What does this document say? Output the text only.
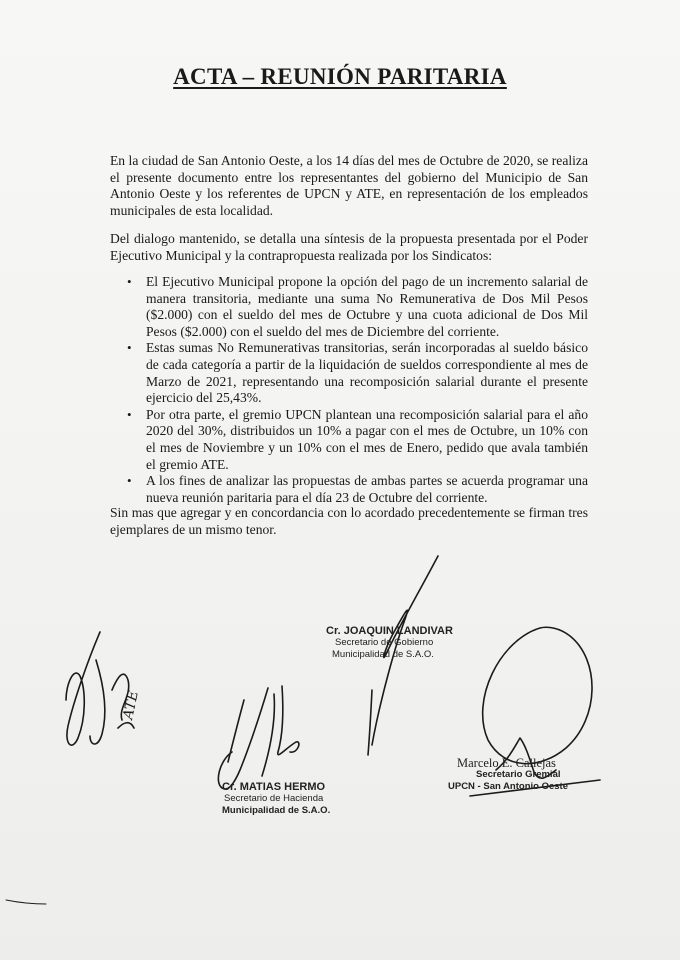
ACTA – REUNIÓN PARITARIA
En la ciudad de San Antonio Oeste, a los 14 días del mes de Octubre de 2020, se realiza el presente documento entre los representantes del gobierno del Municipio de San Antonio Oeste y los referentes de UPCN y ATE, en representación de los empleados municipales de esta localidad.
Del dialogo mantenido, se detalla una síntesis de la propuesta presentada por el Poder Ejecutivo Municipal y la contrapropuesta realizada por los Sindicatos:
• El Ejecutivo Municipal propone la opción del pago de un incremento salarial de manera transitoria, mediante una suma No Remunerativa de Dos Mil Pesos ($2.000) con el sueldo del mes de Octubre y una cuota adicional de Dos Mil Pesos ($2.000) con el sueldo del mes de Diciembre del corriente.
• Estas sumas No Remunerativas transitorias, serán incorporadas al sueldo básico de cada categoría a partir de la liquidación de sueldos correspondiente al mes de Marzo de 2021, representando una recomposición salarial durante el presente ejercicio del 25,43%.
• Por otra parte, el gremio UPCN plantean una recomposición salarial para el año 2020 del 30%, distribuidos un 10% a pagar con el mes de Octubre, un 10% con el mes de Noviembre y un 10% con el mes de Enero, pedido que avala también el gremio ATE.
• A los fines de analizar las propuestas de ambas partes se acuerda programar una nueva reunión paritaria para el día 23 de Octubre del corriente.
Sin mas que agregar y en concordancia con lo acordado precedentemente se firman tres ejemplares de un mismo tenor.
ATE
Cr. JOAQUIN LANDIVAR
Secretario de Gobierno
Municipalidad de S.A.O.
Cr. MATIAS HERMO
Secretario de Hacienda
Municipalidad de S.A.O.
Marcelo E. Callejas
Secretario Gremial
UPCN - San Antonio Oeste
